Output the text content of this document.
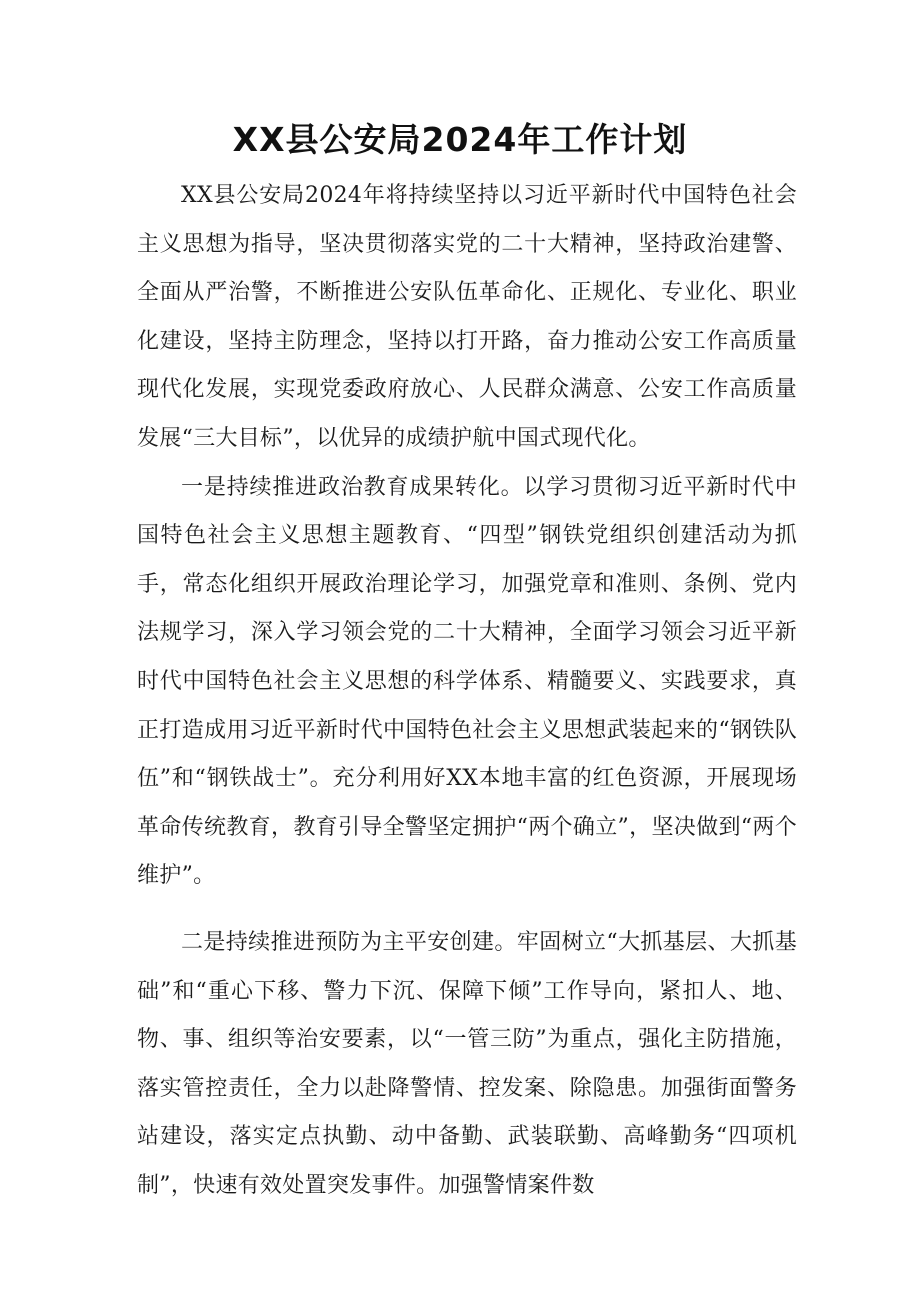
XX县公安局2024年工作计划

XX县公安局2024年将持续坚持以习近平新时代中国特色社会主义思想为指导，坚决贯彻落实党的二十大精神，坚持政治建警、全面从严治警，不断推进公安队伍革命化、正规化、专业化、职业化建设，坚持主防理念，坚持以打开路，奋力推动公安工作高质量现代化发展，实现党委政府放心、人民群众满意、公安工作高质量发展“三大目标”，以优异的成绩护航中国式现代化。

一是持续推进政治教育成果转化。以学习贯彻习近平新时代中国特色社会主义思想主题教育、“四型”钢铁党组织创建活动为抓手，常态化组织开展政治理论学习，加强党章和准则、条例、党内法规学习，深入学习领会党的二十大精神，全面学习领会习近平新时代中国特色社会主义思想的科学体系、精髓要义、实践要求，真正打造成用习近平新时代中国特色社会主义思想武装起来的“钢铁队伍”和“钢铁战士”。充分利用好XX本地丰富的红色资源，开展现场革命传统教育，教育引导全警坚定拥护“两个确立”，坚决做到“两个维护”。

二是持续推进预防为主平安创建。牢固树立“大抓基层、大抓基础”和“重心下移、警力下沉、保障下倾”工作导向，紧扣人、地、物、事、组织等治安要素，以“一管三防”为重点，强化主防措施，落实管控责任，全力以赴降警情、控发案、除隐患。加强街面警务站建设，落实定点执勤、动中备勤、武装联勤、高峰勤务“四项机制”，快速有效处置突发事件。加强警情案件数
